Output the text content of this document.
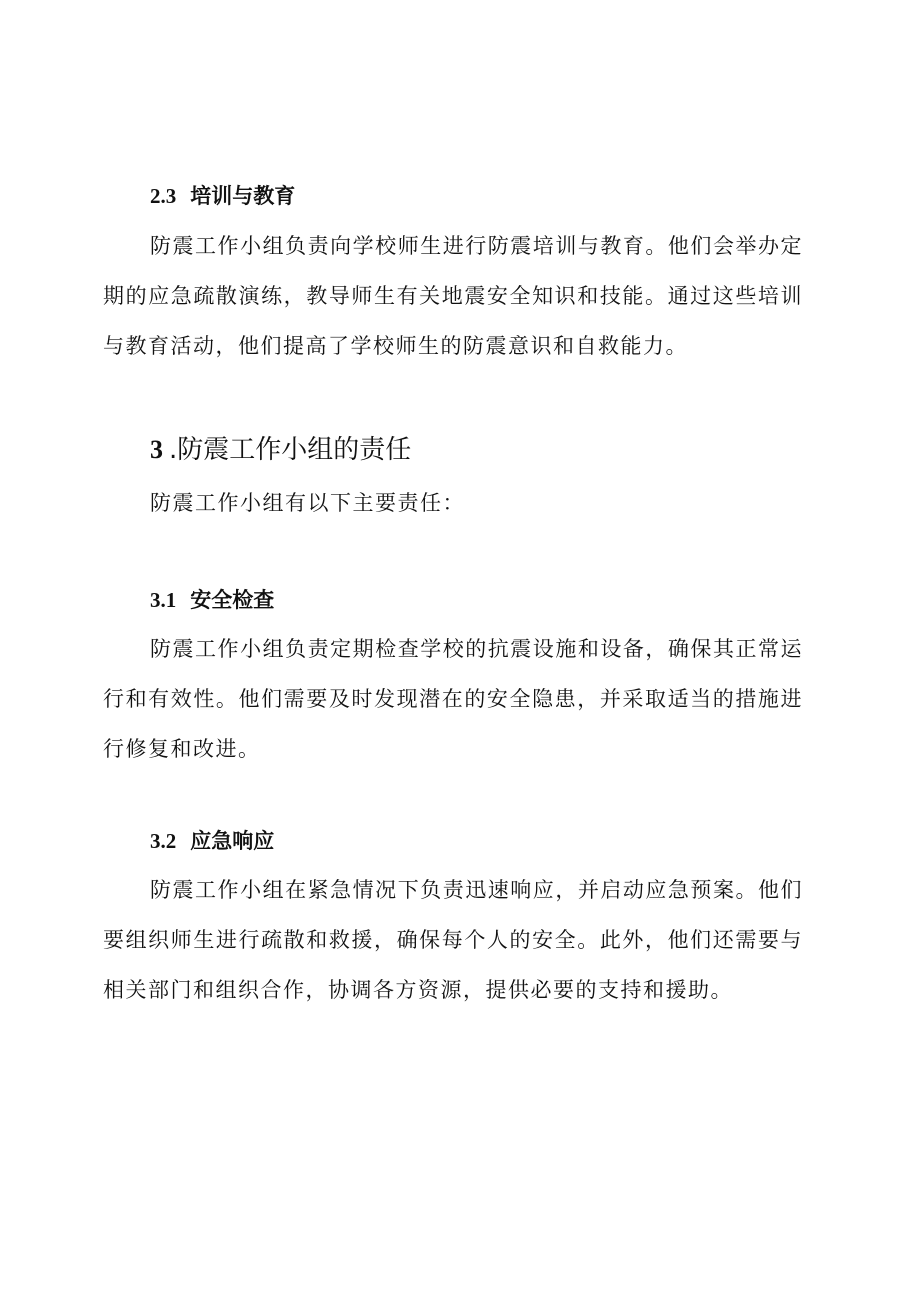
2.3 培训与教育

防震工作小组负责向学校师生进行防震培训与教育。他们会举办定期的应急疏散演练，教导师生有关地震安全知识和技能。通过这些培训与教育活动，他们提高了学校师生的防震意识和自救能力。

3 .防震工作小组的责任

防震工作小组有以下主要责任：

3.1 安全检查

防震工作小组负责定期检查学校的抗震设施和设备，确保其正常运行和有效性。他们需要及时发现潜在的安全隐患，并采取适当的措施进行修复和改进。

3.2 应急响应

防震工作小组在紧急情况下负责迅速响应，并启动应急预案。他们要组织师生进行疏散和救援，确保每个人的安全。此外，他们还需要与相关部门和组织合作，协调各方资源，提供必要的支持和援助。
